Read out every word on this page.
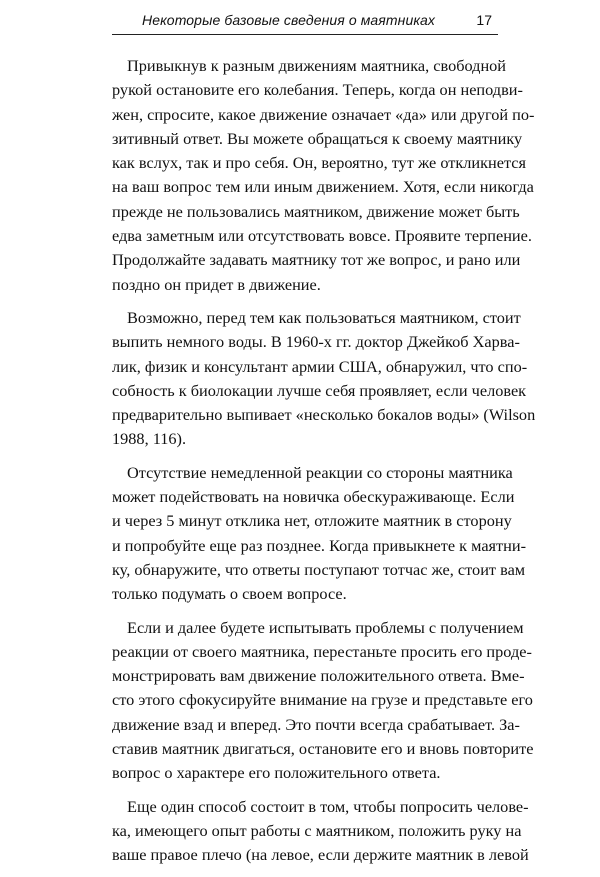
Некоторые базовые сведения о маятниках	17

Привыкнув к разным движениям маятника, свободной
рукой остановите его колебания. Теперь, когда он неподви-
жен, спросите, какое движение означает «да» или другой по-
зитивный ответ. Вы можете обращаться к своему маятнику
как вслух, так и про себя. Он, вероятно, тут же откликнется
на ваш вопрос тем или иным движением. Хотя, если никогда
прежде не пользовались маятником, движение может быть
едва заметным или отсутствовать вовсе. Проявите терпение.
Продолжайте задавать маятнику тот же вопрос, и рано или
поздно он придет в движение.

Возможно, перед тем как пользоваться маятником, стоит
выпить немного воды. В 1960-х гг. доктор Джейкоб Харва-
лик, физик и консультант армии США, обнаружил, что спо-
собность к биолокации лучше себя проявляет, если человек
предварительно выпивает «несколько бокалов воды» (Wilson
1988, 116).

Отсутствие немедленной реакции со стороны маятника
может подействовать на новичка обескураживающе. Если
и через 5 минут отклика нет, отложите маятник в сторону
и попробуйте еще раз позднее. Когда привыкнете к маятни-
ку, обнаружите, что ответы поступают тотчас же, стоит вам
только подумать о своем вопросе.

Если и далее будете испытывать проблемы с получением
реакции от своего маятника, перестаньте просить его проде-
монстрировать вам движение положительного ответа. Вме-
сто этого сфокусируйте внимание на грузе и представьте его
движение взад и вперед. Это почти всегда срабатывает. За-
ставив маятник двигаться, остановите его и вновь повторите
вопрос о характере его положительного ответа.

Еще один способ состоит в том, чтобы попросить челове-
ка, имеющего опыт работы с маятником, положить руку на
ваше правое плечо (на левое, если держите маятник в левой
